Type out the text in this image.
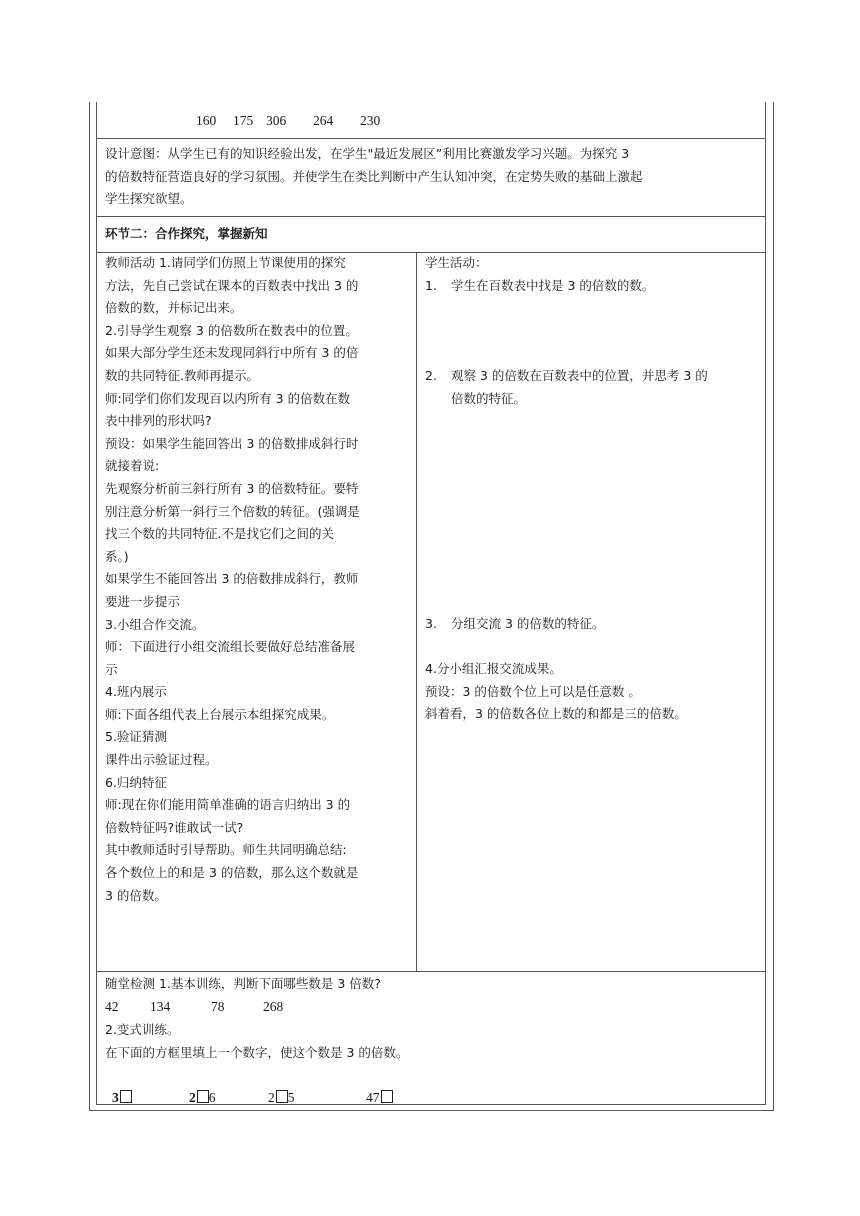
160 175 306 264 230
设计意图：从学生已有的知识经验出发，在学生"最近发展区”利用比赛激发学习兴题。为探究 3
的倍数特征营造良好的学习氛围。并使学生在类比判断中产生认知冲突，在定势失败的基础上激起
学生探究欲望。
环节二：合作探究，掌握新知
教师活动 1.请同学们仿照上节课使用的探究
方法，先自己尝试在课本的百数表中找出 3 的
倍数的数，并标记出来。
2.引导学生观察 3 的倍数所在数表中的位置。
如果大部分学生还未发现同斜行中所有 3 的倍
数的共同特征.教师再提示。
师:同学们你们发现百以内所有 3 的倍数在数
表中排列的形状吗?
预设：如果学生能回答出 3 的倍数排成斜行时
就接着说:
先观察分析前三斜行所有 3 的倍数特征。要特
别注意分析第一斜行三个倍数的转征。(强调是
找三个数的共同特征.不是找它们之间的关
系。)
如果学生不能回答出 3 的倍数排成斜行，教师
要进一步提示
3.小组合作交流。
师：下面进行小组交流组长要做好总结准备展
示
4.班内展示
师:下面各组代表上台展示本组探究成果。
5.验证猜测
课件出示验证过程。
6.归纳特征
师:现在你们能用简单准确的语言归纳出 3 的
倍数特征吗?谁敢试一试?
其中教师适时引导帮助。师生共同明确总结:
各个数位上的和是 3 的倍数，那么这个数就是
3 的倍数。
学生活动：
1. 学生在百数表中找是 3 的倍数的数。
2. 观察 3 的倍数在百数表中的位置，并思考 3 的
倍数的特征。
3. 分组交流 3 的倍数的特征。
4.分小组汇报交流成果。
预设：3 的倍数个位上可以是任意数 。
斜着看，3 的倍数各位上数的和都是三的倍数。
随堂检测 1.基本训练，判断下面哪些数是 3 倍数?
42 134	78	268
2.变式训练。
在下面的方框里填上一个数字，使这个数是 3 的倍数。
3	2 6	2 5	47
